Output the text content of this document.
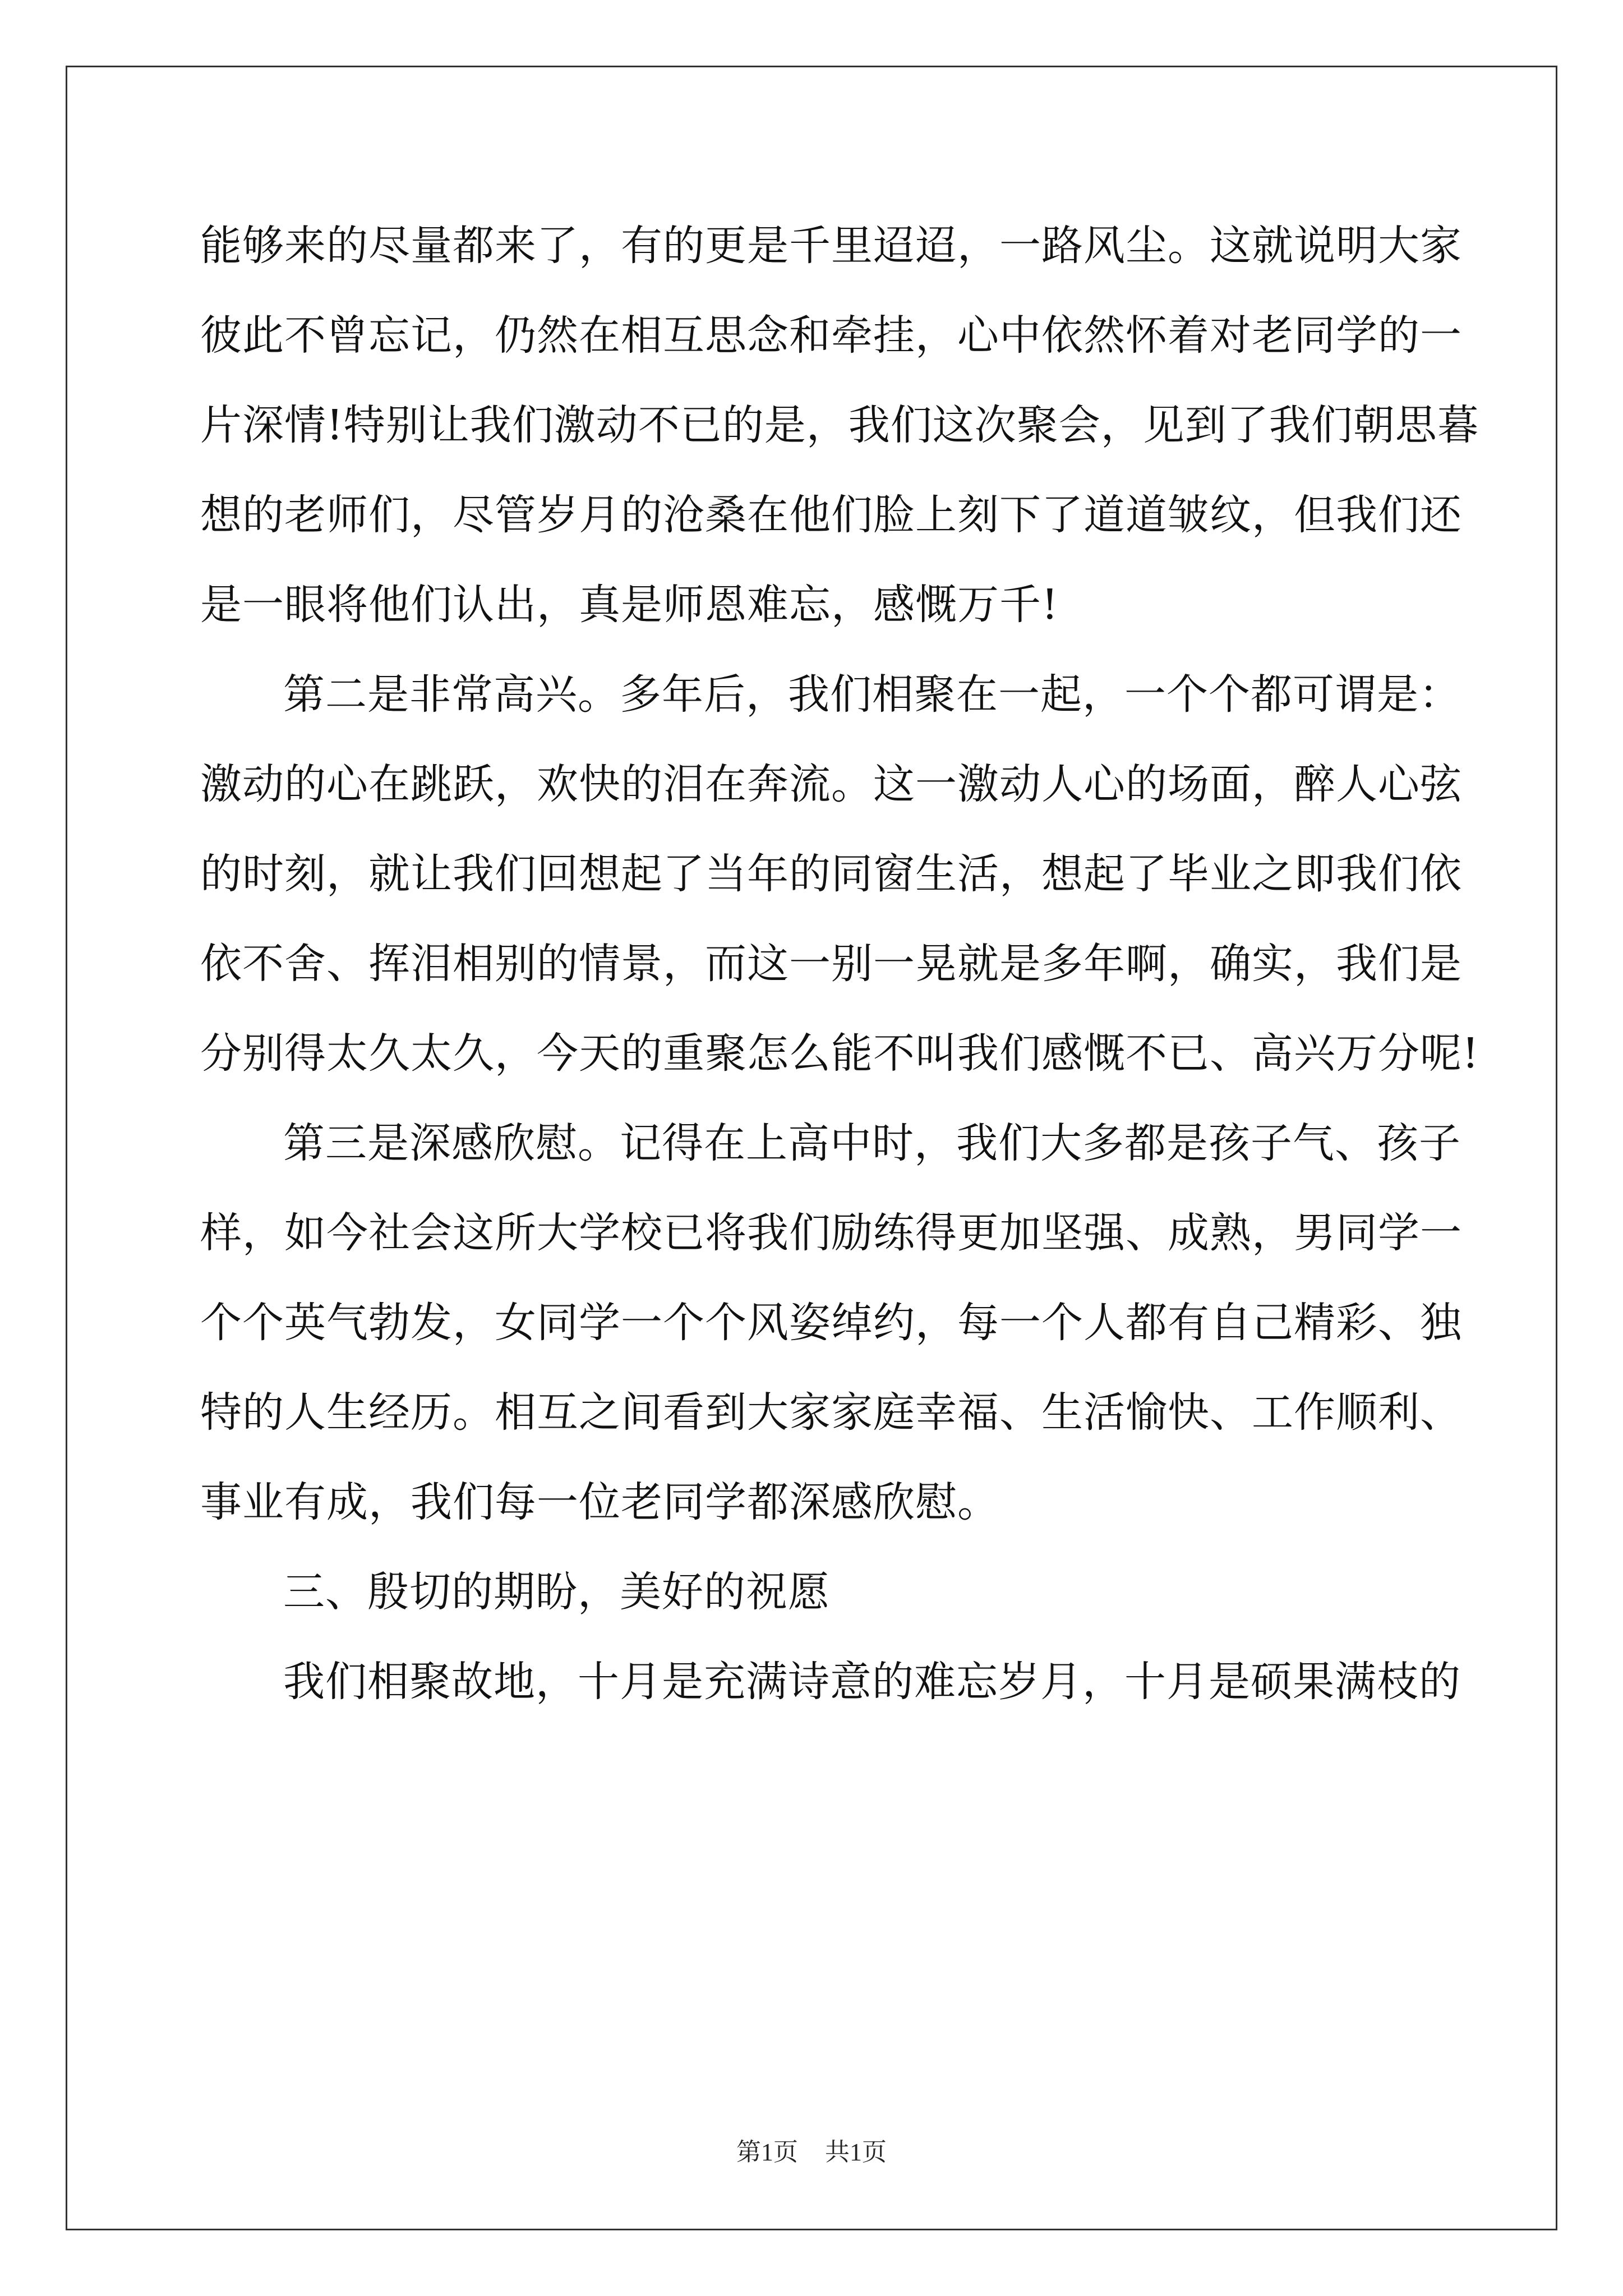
能够来的尽量都来了，有的更是千里迢迢，一路风尘。这就说明大家
彼此不曾忘记，仍然在相互思念和牵挂，心中依然怀着对老同学的一
片深情!特别让我们激动不已的是，我们这次聚会，见到了我们朝思暮
想的老师们，尽管岁月的沧桑在他们脸上刻下了道道皱纹，但我们还
是一眼将他们认出，真是师恩难忘，感慨万千!
第二是非常高兴。多年后，我们相聚在一起，一个个都可谓是：
激动的心在跳跃，欢快的泪在奔流。这一激动人心的场面，醉人心弦
的时刻，就让我们回想起了当年的同窗生活，想起了毕业之即我们依
依不舍、挥泪相别的情景，而这一别一晃就是多年啊，确实，我们是
分别得太久太久，今天的重聚怎么能不叫我们感慨不已、高兴万分呢!
第三是深感欣慰。记得在上高中时，我们大多都是孩子气、孩子
样，如今社会这所大学校已将我们励练得更加坚强、成熟，男同学一
个个英气勃发，女同学一个个风姿绰约，每一个人都有自己精彩、独
特的人生经历。相互之间看到大家家庭幸福、生活愉快、工作顺利、
事业有成，我们每一位老同学都深感欣慰。
三、殷切的期盼，美好的祝愿
我们相聚故地，十月是充满诗意的难忘岁月，十月是硕果满枝的
第1页 共1页
